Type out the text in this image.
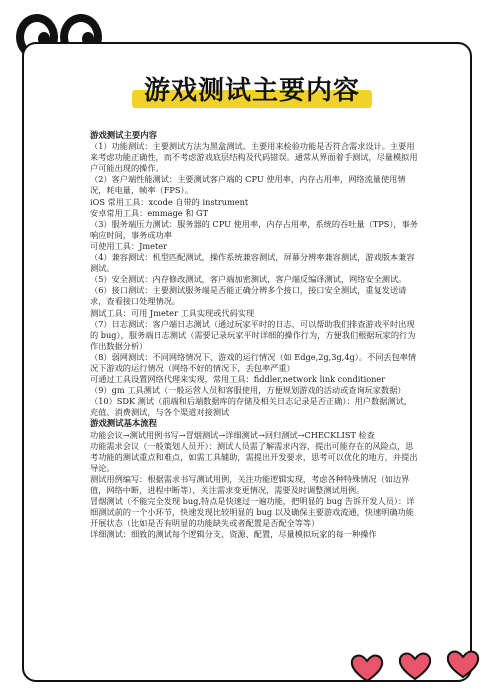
游戏测试主要内容

游戏测试主要内容

（1）功能测试：主要测试方法为黑盒测试。主要用来检验功能是否符合需求设计。主要用来考虑功能正确性，而不考虑游戏底层结构及代码错误。通常从界面着手测试，尽量模拟用户可能出现的操作。

（2）客户端性能测试：主要测试客户端的 CPU 使用率，内存占用率，网络流量使用情况，耗电量，帧率（FPS）。

iOS 常用工具：xcode 自带的 instrument

安卓常用工具：emmage 和 GT

（3）服务端压力测试：服务器的 CPU 使用率，内存占用率，系统的吞吐量（TPS），事务响应时间，事务成功率

可使用工具：Jmeter

（4）兼容测试：机型匹配测试，操作系统兼容测试，屏幕分辨率兼容测试，游戏版本兼容测试。

（5）安全测试：内存修改测试，客户端加密测试，客户端反编译测试，网络安全测试。

（6）接口测试：主要测试服务端是否能正确分辨多个接口，接口安全测试，重复发送请求，查看接口处理情况。

测试工具：可用 Jmeter 工具实现或代码实现

（7）日志测试：客户端日志测试（通过玩家平时的日志，可以帮助我们排查游戏平时出现的 bug），服务端日志测试（需要记录玩家平时详细的操作行为，方便我们根据玩家的行为作出数据分析）

（8）弱网测试：不同网络情况下，游戏的运行情况（如 Edge,2g,3g,4g）。不同丢包率情况下游戏的运行情况（网络不好的情况下，丢包率严重）

可通过工具设置网络代理来实现，常用工具：fiddler,network link conditioner

（9）gm 工具测试（一般运营人员和客服使用，方便规划游戏的活动或查询玩家数据）

（10）SDK 测试（前端和后端数据库的存储及相关日志记录是否正确）：用户数据测试，充值、消费测试，与各个渠道对接测试

游戏测试基本流程

功能会议→测试用例书写→冒烟测试→详细测试→回归测试→CHECKLIST 检查

功能需求会议（一般策划人员开）：测试人员需了解需求内容，提出可能存在的风险点，思考功能的测试重点和难点，如需工具辅助，需提出开发要求，思考可以优化的地方，并提出导论。

测试用例编写：根据需求书写测试用例，关注功能逻辑实现，考虑各种特殊情况（如边界值，网络中断，进程中断等），关注需求变更情况，需要及时调整测试用例。

冒烟测试（不能完全发现 bug,特点是快速过一遍功能，把明显的 bug 告诉开发人员）：详细测试前的一个小环节，快速发现比较明显的 bug 以及确保主要游戏流通，快速明确功能开展状态（比如是否有明显的功能缺失或者配置是否配全等等）

详细测试：细致的测试每个逻辑分支、资源、配置，尽量模拟玩家的每一种操作
